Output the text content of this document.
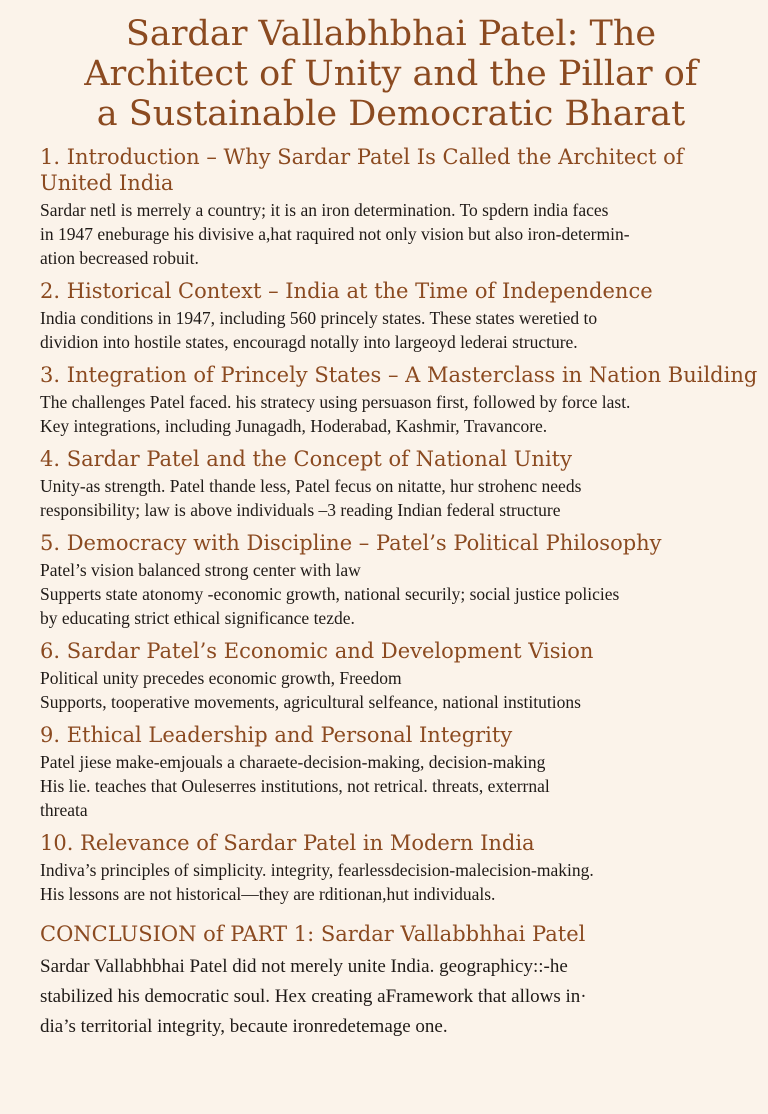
Sardar Vallabhbhai Patel: The
Architect of Unity and the Pillar of
a Sustainable Democratic Bharat
1. Introduction – Why Sardar Patel Is Called the Architect of
United India

Sardar netl is merrely a country; it is an iron determination. To spdern india faces

in 1947 eneburage his divisive a,hat raquired not only vision but also iron-determin-

ation becreased robuit.

2. Historical Context – India at the Time of Independence

India conditions in 1947, including 560 princely states. These states weretied to

dividion into hostile states, encouragd notally into largeoyd lederai structure.

3. Integration of Princely States – A Masterclass in Nation Building

The challenges Patel faced. his stratecy using persuason first, followed by force last.

Key integrations, including Junagadh, Hoderabad, Kashmir, Travancore.

4. Sardar Patel and the Concept of National Unity

Unity-as strength. Patel thande less, Patel fecus on nitatte, hur strohenc needs

responsibility; law is above individuals –3 reading Indian federal structure

5. Democracy with Discipline – Patel’s Political Philosophy

Patel’s vision balanced strong center with law

Supperts state atonomy -economic growth, national securily; social justice policies

by educating strict ethical significance tezde.

6. Sardar Patel’s Economic and Development Vision

Political unity precedes economic growth, Freedom

Supports, tooperative movements, agricultural selfeance, national institutions

9. Ethical Leadership and Personal Integrity

Patel jiese make-emjouals a charaete-decision-making, decision-making

His lie. teaches that Ouleserres institutions, not retrical. threats, exterrnal

threata

10. Relevance of Sardar Patel in Modern India

Indiva’s principles of simplicity. integrity, fearlessdecision-malecision-making.

His lessons are not historical—they are rditionan,hut individuals.

CONCLUSION of PART 1: Sardar Vallabbhhai Patel

Sardar Vallabhbhai Patel did not merely unite India. geographicy::-he

stabilized his democratic soul. Hex creating aFramework that allows in·

dia’s territorial integrity, becaute ironredetemage one.
